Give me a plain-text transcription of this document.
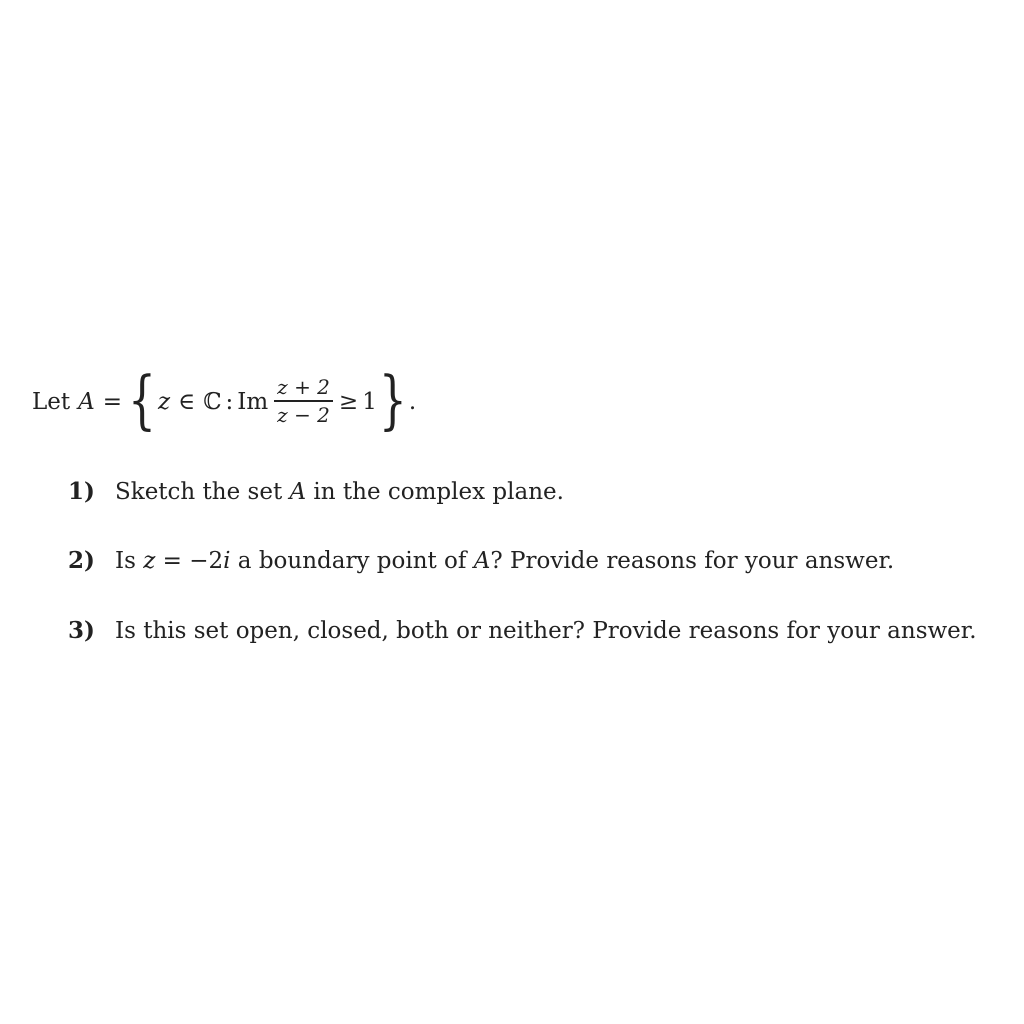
Let A = { z ∈ ℂ : Im $\frac{z + 2}{z - 2} \ge 1$ } .
1) Sketch the set A in the complex plane.
2) Is z = −2i a boundary point of A? Provide reasons for your answer.
3) Is this set open, closed, both or neither? Provide reasons for your answer.
